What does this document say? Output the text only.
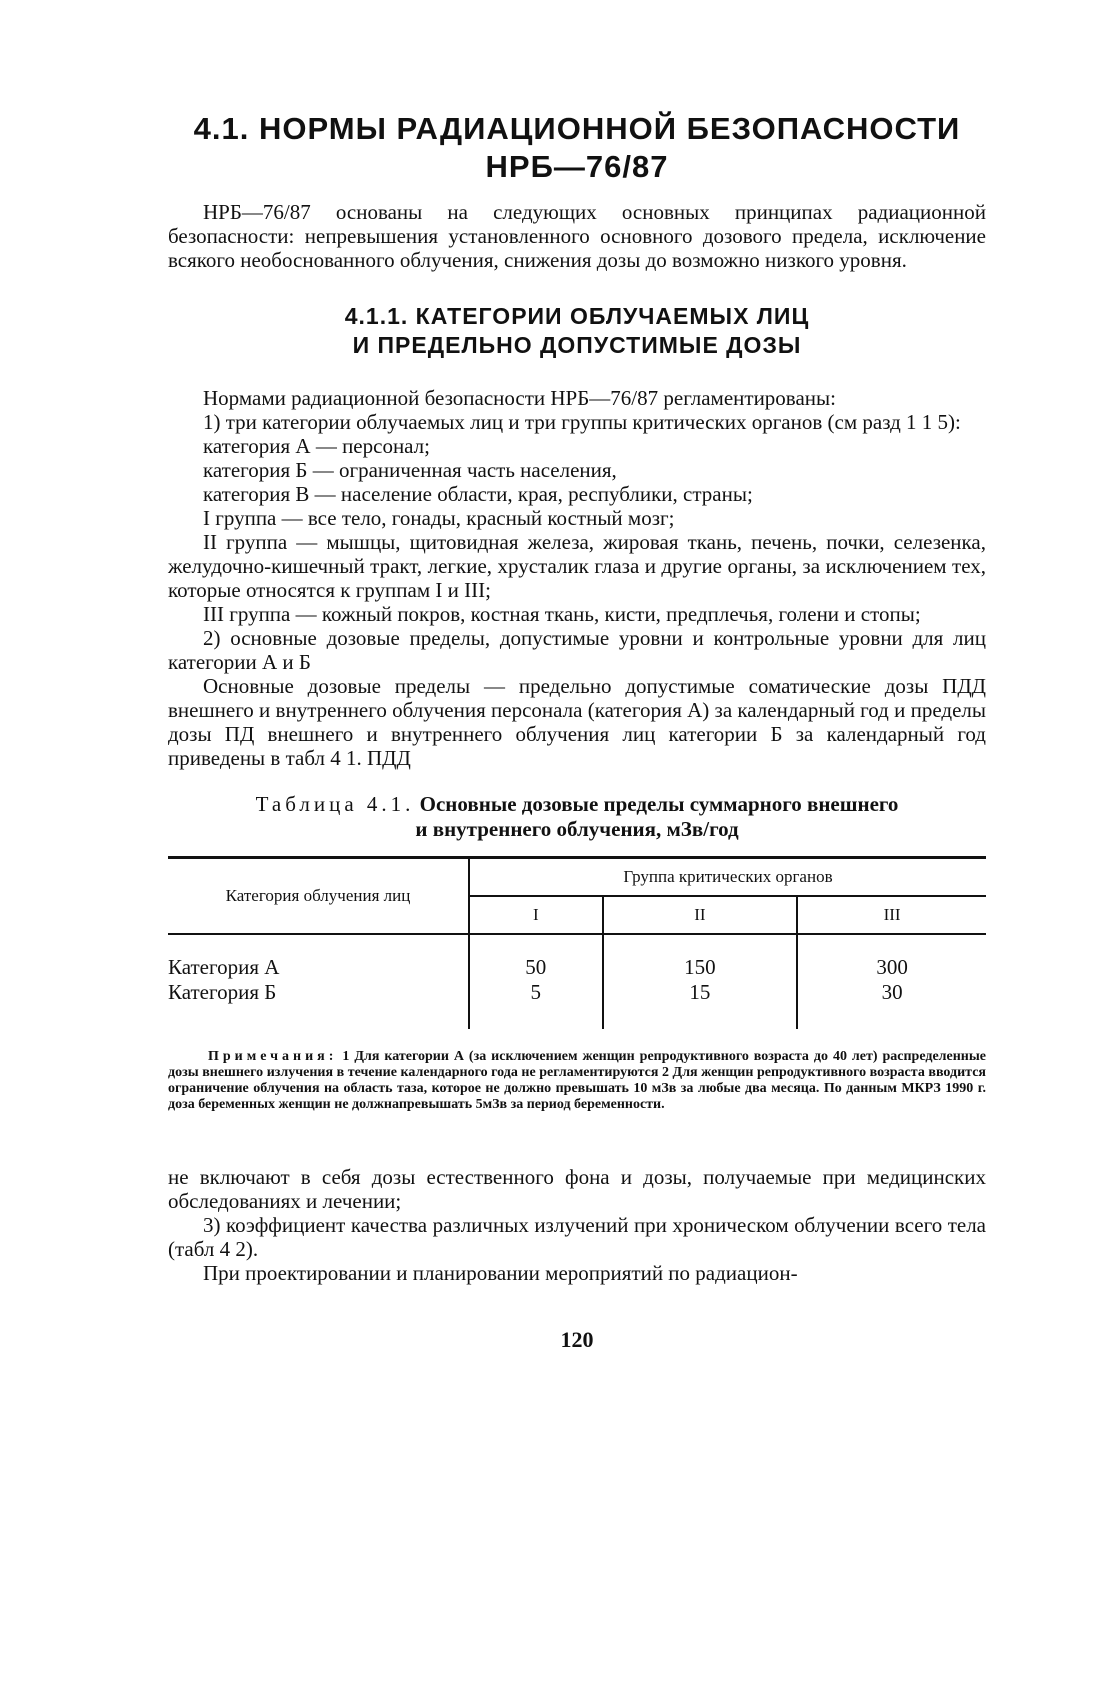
4.1. НОРМЫ РАДИАЦИОННОЙ БЕЗОПАСНОСТИ
НРБ—76/87

НРБ—76/87 основаны на следующих основных принципах радиационной безопасности: непревышения установленного основного дозового предела, исключение всякого необоснованного облучения, снижения дозы до возможно низкого уровня.

4.1.1. КАТЕГОРИИ ОБЛУЧАЕМЫХ ЛИЦ
И ПРЕДЕЛЬНО ДОПУСТИМЫЕ ДОЗЫ

Нормами радиационной безопасности НРБ—76/87 регламентированы:

1) три категории облучаемых лиц и три группы критических органов (см разд 1 1 5):

категория А — персонал;

категория Б — ограниченная часть населения,

категория В — население области, края, республики, страны;

I группа — все тело, гонады, красный костный мозг;

II группа — мышцы, щитовидная железа, жировая ткань, печень, почки, селезенка, желудочно-кишечный тракт, легкие, хрусталик глаза и другие органы, за исключением тех, которые относятся к группам I и III;

III группа — кожный покров, костная ткань, кисти, предплечья, голени и стопы;

2) основные дозовые пределы, допустимые уровни и контрольные уровни для лиц категории А и Б

Основные дозовые пределы — предельно допустимые соматические дозы ПДД внешнего и внутреннего облучения персонала (категория А) за календарный год и пределы дозы ПД внешнего и внутреннего облучения лиц категории Б за календарный год приведены в табл 4 1. ПДД

Таблица 4.1. Основные дозовые пределы суммарного внешнего
и внутреннего облучения, мЗв/год
Категория облучения лиц	Группа критических органов		
	I	II	III
Категория А	50	150	300
Категория Б	5	15	30
Примечания: 1 Для категории А (за исключением женщин репродуктивного возраста до 40 лет) распределенные дозы внешнего излучения в течение календарного года не регламентируются 2 Для женщин репродуктивного возраста вводится ограничение облучения на область таза, которое не должно превышать 10 мЗв за любые два месяца. По данным МКРЗ 1990 г. доза беременных женщин не должнапревышать 5мЗв за период беременности.

не включают в себя дозы естественного фона и дозы, получаемые при медицинских обследованиях и лечении;

3) коэффициент качества различных излучений при хроническом облучении всего тела (табл 4 2).

При проектировании и планировании мероприятий по радиацион-

120
